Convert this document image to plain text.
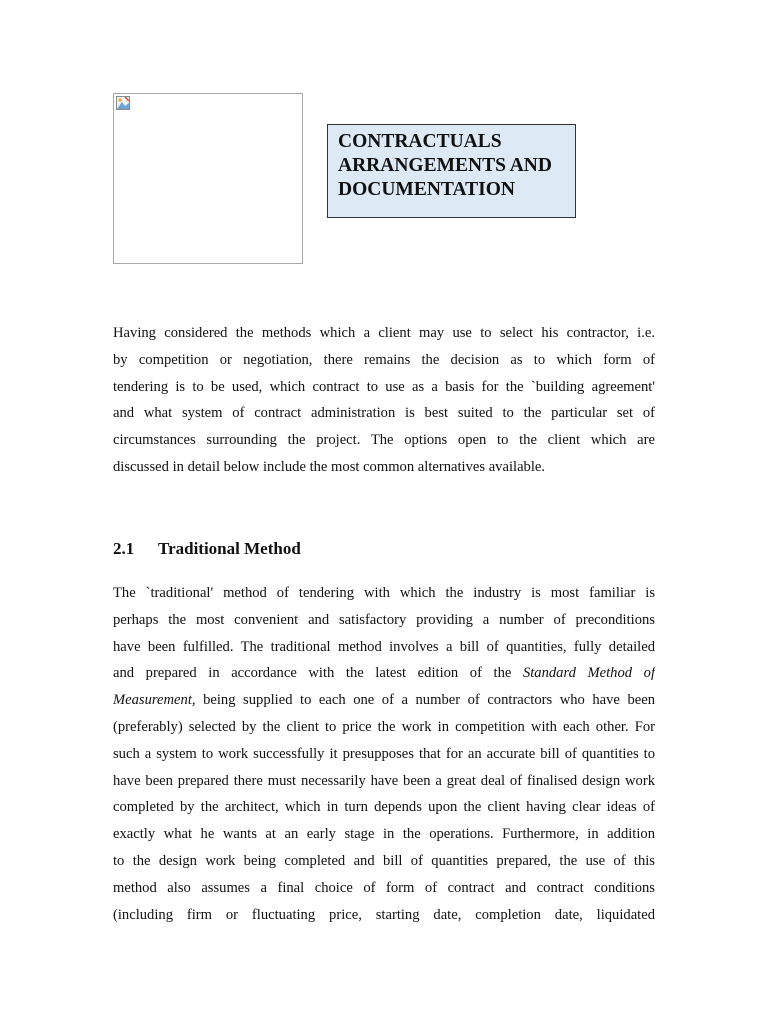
CONTRACTUALS
ARRANGEMENTS AND
DOCUMENTATION
Having considered the methods which a client may use to select his contractor, i.e.
by competition or negotiation, there remains the decision as to which form of
tendering is to be used, which contract to use as a basis for the `building agreement'
and what system of contract administration is best suited to the particular set of
circumstances surrounding the project. The options open to the client which are
discussed in detail below include the most common alternatives available.
2.1 Traditional Method
The `traditional' method of tendering with which the industry is most familiar is
perhaps the most convenient and satisfactory providing a number of preconditions
have been fulfilled. The traditional method involves a bill of quantities, fully detailed
and prepared in accordance with the latest edition of the Standard Method of
Measurement, being supplied to each one of a number of contractors who have been
(preferably) selected by the client to price the work in competition with each other. For
such a system to work successfully it presupposes that for an accurate bill of quantities to
have been prepared there must necessarily have been a great deal of finalised design work
completed by the architect, which in turn depends upon the client having clear ideas of
exactly what he wants at an early stage in the operations. Furthermore, in addition
to the design work being completed and bill of quantities prepared, the use of this
method also assumes a final choice of form of contract and contract conditions
(including firm or fluctuating price, starting date, completion date, liquidated
